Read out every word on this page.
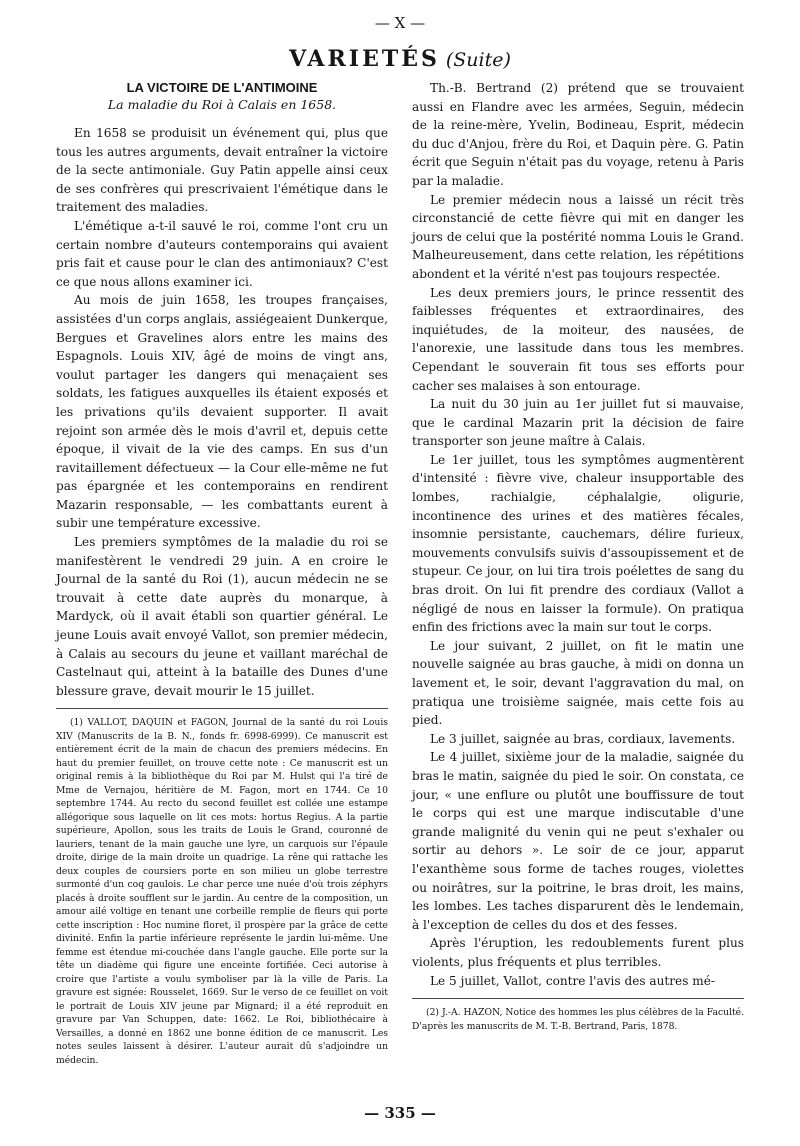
— X —
VARIETÉS (Suite)
LA VICTOIRE DE L'ANTIMOINE
La maladie du Roi à Calais en 1658.

En 1658 se produisit un événement qui, plus que tous les autres arguments, devait entraîner la victoire de la secte antimoniale. Guy Patin appelle ainsi ceux de ses confrères qui prescrivaient l'émétique dans le traitement des maladies.

L'émétique a-t-il sauvé le roi, comme l'ont cru un certain nombre d'auteurs contemporains qui avaient pris fait et cause pour le clan des antimoniaux? C'est ce que nous allons examiner ici.

Au mois de juin 1658, les troupes françaises, assistées d'un corps anglais, assiégeaient Dunkerque, Bergues et Gravelines alors entre les mains des Espagnols. Louis XIV, âgé de moins de vingt ans, voulut partager les dangers qui menaçaient ses soldats, les fatigues auxquelles ils étaient exposés et les privations qu'ils devaient supporter. Il avait rejoint son armée dès le mois d'avril et, depuis cette époque, il vivait de la vie des camps. En sus d'un ravitaillement défectueux — la Cour elle-même ne fut pas épargnée et les contemporains en rendirent Mazarin responsable, — les combattants eurent à subir une température excessive.

Les premiers symptômes de la maladie du roi se manifestèrent le vendredi 29 juin. A en croire le Journal de la santé du Roi (1), aucun médecin ne se trouvait à cette date auprès du monarque, à Mardyck, où il avait établi son quartier général. Le jeune Louis avait envoyé Vallot, son premier médecin, à Calais au secours du jeune et vaillant maréchal de Castelnaut qui, atteint à la bataille des Dunes d'une blessure grave, devait mourir le 15 juillet.

(1) VALLOT, DAQUIN et FAGON, Journal de la santé du roi Louis XIV (Manuscrits de la B. N., fonds fr. 6998-6999). Ce manuscrit est entièrement écrit de la main de chacun des premiers médecins. En haut du premier feuillet, on trouve cette note : Ce manuscrit est un original remis à la bibliothèque du Roi par M. Hulst qui l'a tiré de Mme de Vernajou, héritière de M. Fagon, mort en 1744. Ce 10 septembre 1744. Au recto du second feuillet est collée une estampe allégorique sous laquelle on lit ces mots: hortus Regius. A la partie supérieure, Apollon, sous les traits de Louis le Grand, couronné de lauriers, tenant de la main gauche une lyre, un carquois sur l'épaule droite, dirige de la main droite un quadrige. La rêne qui rattache les deux couples de coursiers porte en son milieu un globe terrestre surmonté d'un coq gaulois. Le char perce une nuée d'où trois zéphyrs placés à droite soufflent sur le jardin. Au centre de la composition, un amour ailé voltige en tenant une corbeille remplie de fleurs qui porte cette inscription : Hoc numine floret, il prospère par la grâce de cette divinité. Enfin la partie inférieure représente le jardin lui-même. Une femme est étendue mi-couchée dans l'angle gauche. Elle porte sur la tête un diadème qui figure une enceinte fortifiée. Ceci autorise à croire que l'artiste a voulu symboliser par là la ville de Paris. La gravure est signée: Rousselet, 1669. Sur le verso de ce feuillet on voit le portrait de Louis XIV jeune par Mignard; il a été reproduit en gravure par Van Schuppen, date: 1662. Le Roi, bibliothécaire à Versailles, a donné en 1862 une bonne édition de ce manuscrit. Les notes seules laissent à désirer. L'auteur aurait dû s'adjoindre un médecin.

Th.-B. Bertrand (2) prétend que se trouvaient aussi en Flandre avec les armées, Seguin, médecin de la reine-mère, Yvelin, Bodineau, Esprit, médecin du duc d'Anjou, frère du Roi, et Daquin père. G. Patin écrit que Seguin n'était pas du voyage, retenu à Paris par la maladie.

Le premier médecin nous a laissé un récit très circonstancié de cette fièvre qui mit en danger les jours de celui que la postérité nomma Louis le Grand. Malheureusement, dans cette relation, les répétitions abondent et la vérité n'est pas toujours respectée.

Les deux premiers jours, le prince ressentit des faiblesses fréquentes et extraordinaires, des inquiétudes, de la moiteur, des nausées, de l'anorexie, une lassitude dans tous les membres. Cependant le souverain fit tous ses efforts pour cacher ses malaises à son entourage.

La nuit du 30 juin au 1er juillet fut si mauvaise, que le cardinal Mazarin prit la décision de faire transporter son jeune maître à Calais.

Le 1er juillet, tous les symptômes augmentèrent d'intensité : fièvre vive, chaleur insupportable des lombes, rachialgie, céphalalgie, oligurie, incontinence des urines et des matières fécales, insomnie persistante, cauchemars, délire furieux, mouvements convulsifs suivis d'assoupissement et de stupeur. Ce jour, on lui tira trois poélettes de sang du bras droit. On lui fit prendre des cordiaux (Vallot a négligé de nous en laisser la formule). On pratiqua enfin des frictions avec la main sur tout le corps.

Le jour suivant, 2 juillet, on fit le matin une nouvelle saignée au bras gauche, à midi on donna un lavement et, le soir, devant l'aggravation du mal, on pratiqua une troisième saignée, mais cette fois au pied.

Le 3 juillet, saignée au bras, cordiaux, lavements.

Le 4 juillet, sixième jour de la maladie, saignée du bras le matin, saignée du pied le soir. On constata, ce jour, « une enflure ou plutôt une bouffissure de tout le corps qui est une marque indiscutable d'une grande malignité du venin qui ne peut s'exhaler ou sortir au dehors ». Le soir de ce jour, apparut l'exanthème sous forme de taches rouges, violettes ou noirâtres, sur la poitrine, le bras droit, les mains, les lombes. Les taches disparurent dès le lendemain, à l'exception de celles du dos et des fesses.

Après l'éruption, les redoublements furent plus violents, plus fréquents et plus terribles.

Le 5 juillet, Vallot, contre l'avis des autres mé-

(2) J.-A. HAZON, Notice des hommes les plus célèbres de la Faculté. D'après les manuscrits de M. T.-B. Bertrand, Paris, 1878.

— 335 —
